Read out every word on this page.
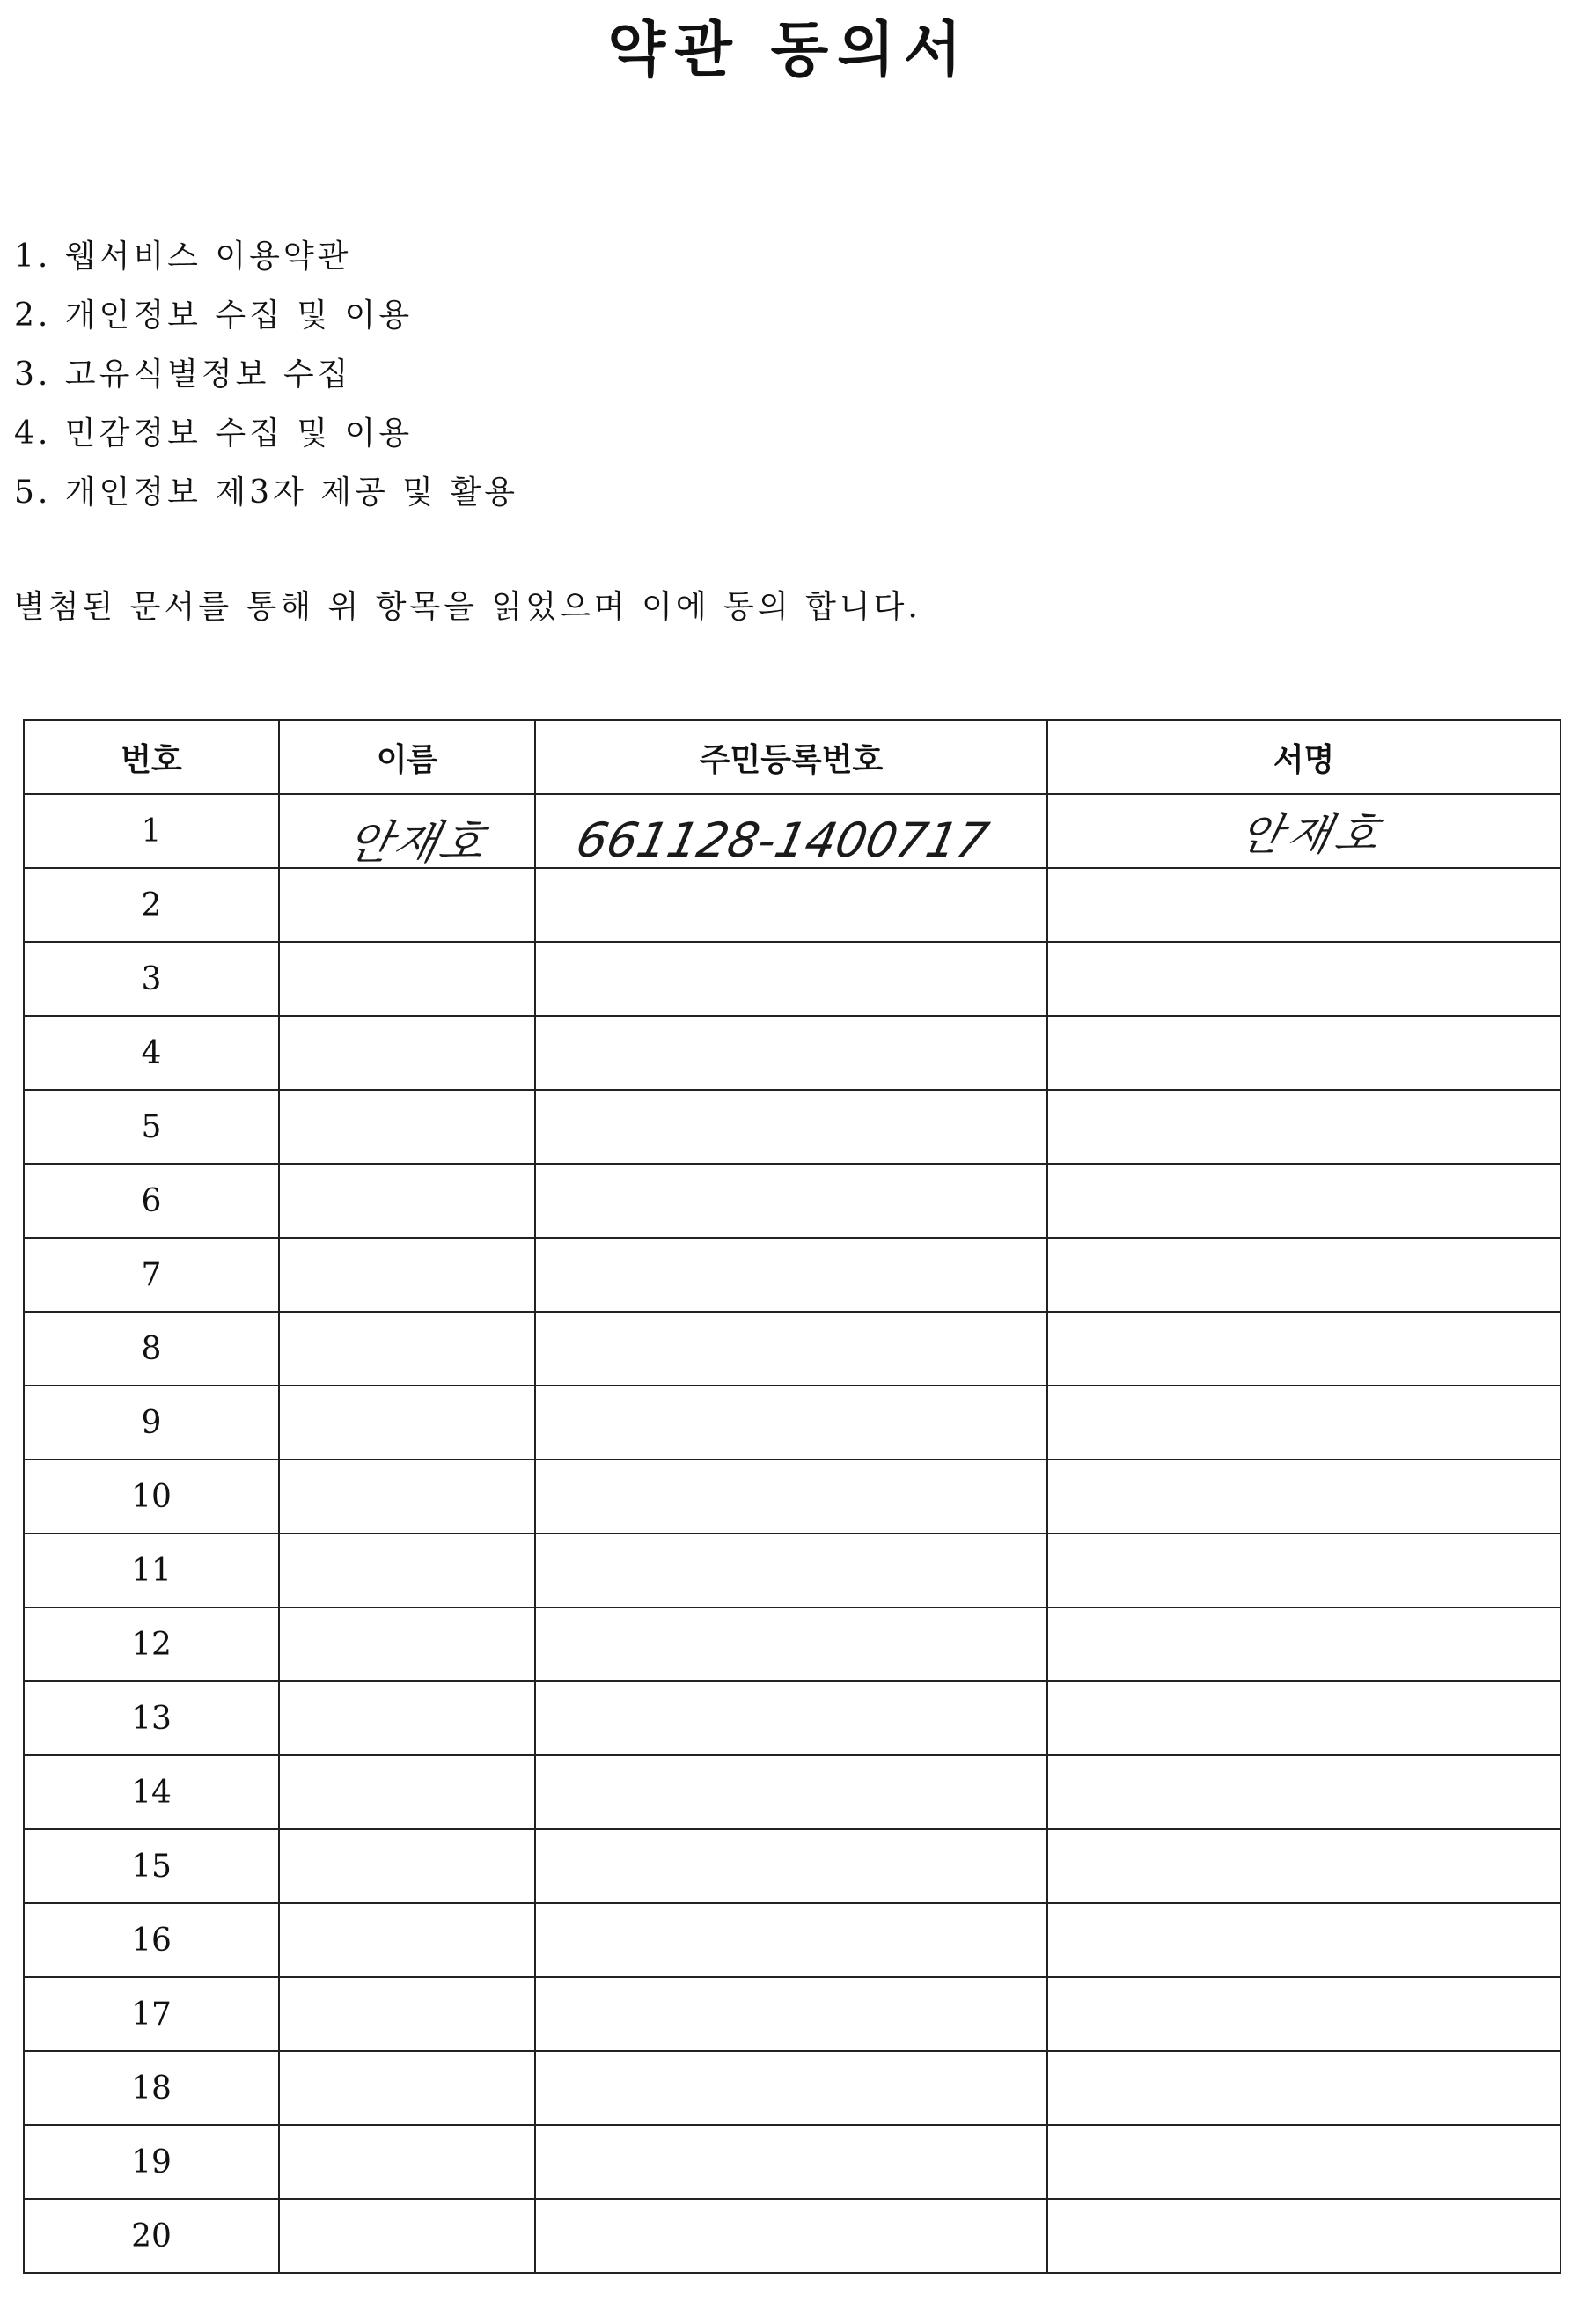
약관 동의서
1. 웹서비스 이용약관
2. 개인정보 수집 및 이용
3. 고유식별정보 수집
4. 민감정보 수집 및 이용
5. 개인정보 제3자 제공 및 활용
별첨된 문서를 통해 위 항목을 읽었으며 이에 동의 합니다.
번호	이름	주민등록번호	서명
1	안재호	661128-1400717	안재호

2			
3			
4			
5			
6			
7			
8			
9			
10			
11			
12			
13			
14			
15			
16			
17			
18			
19			
20			
